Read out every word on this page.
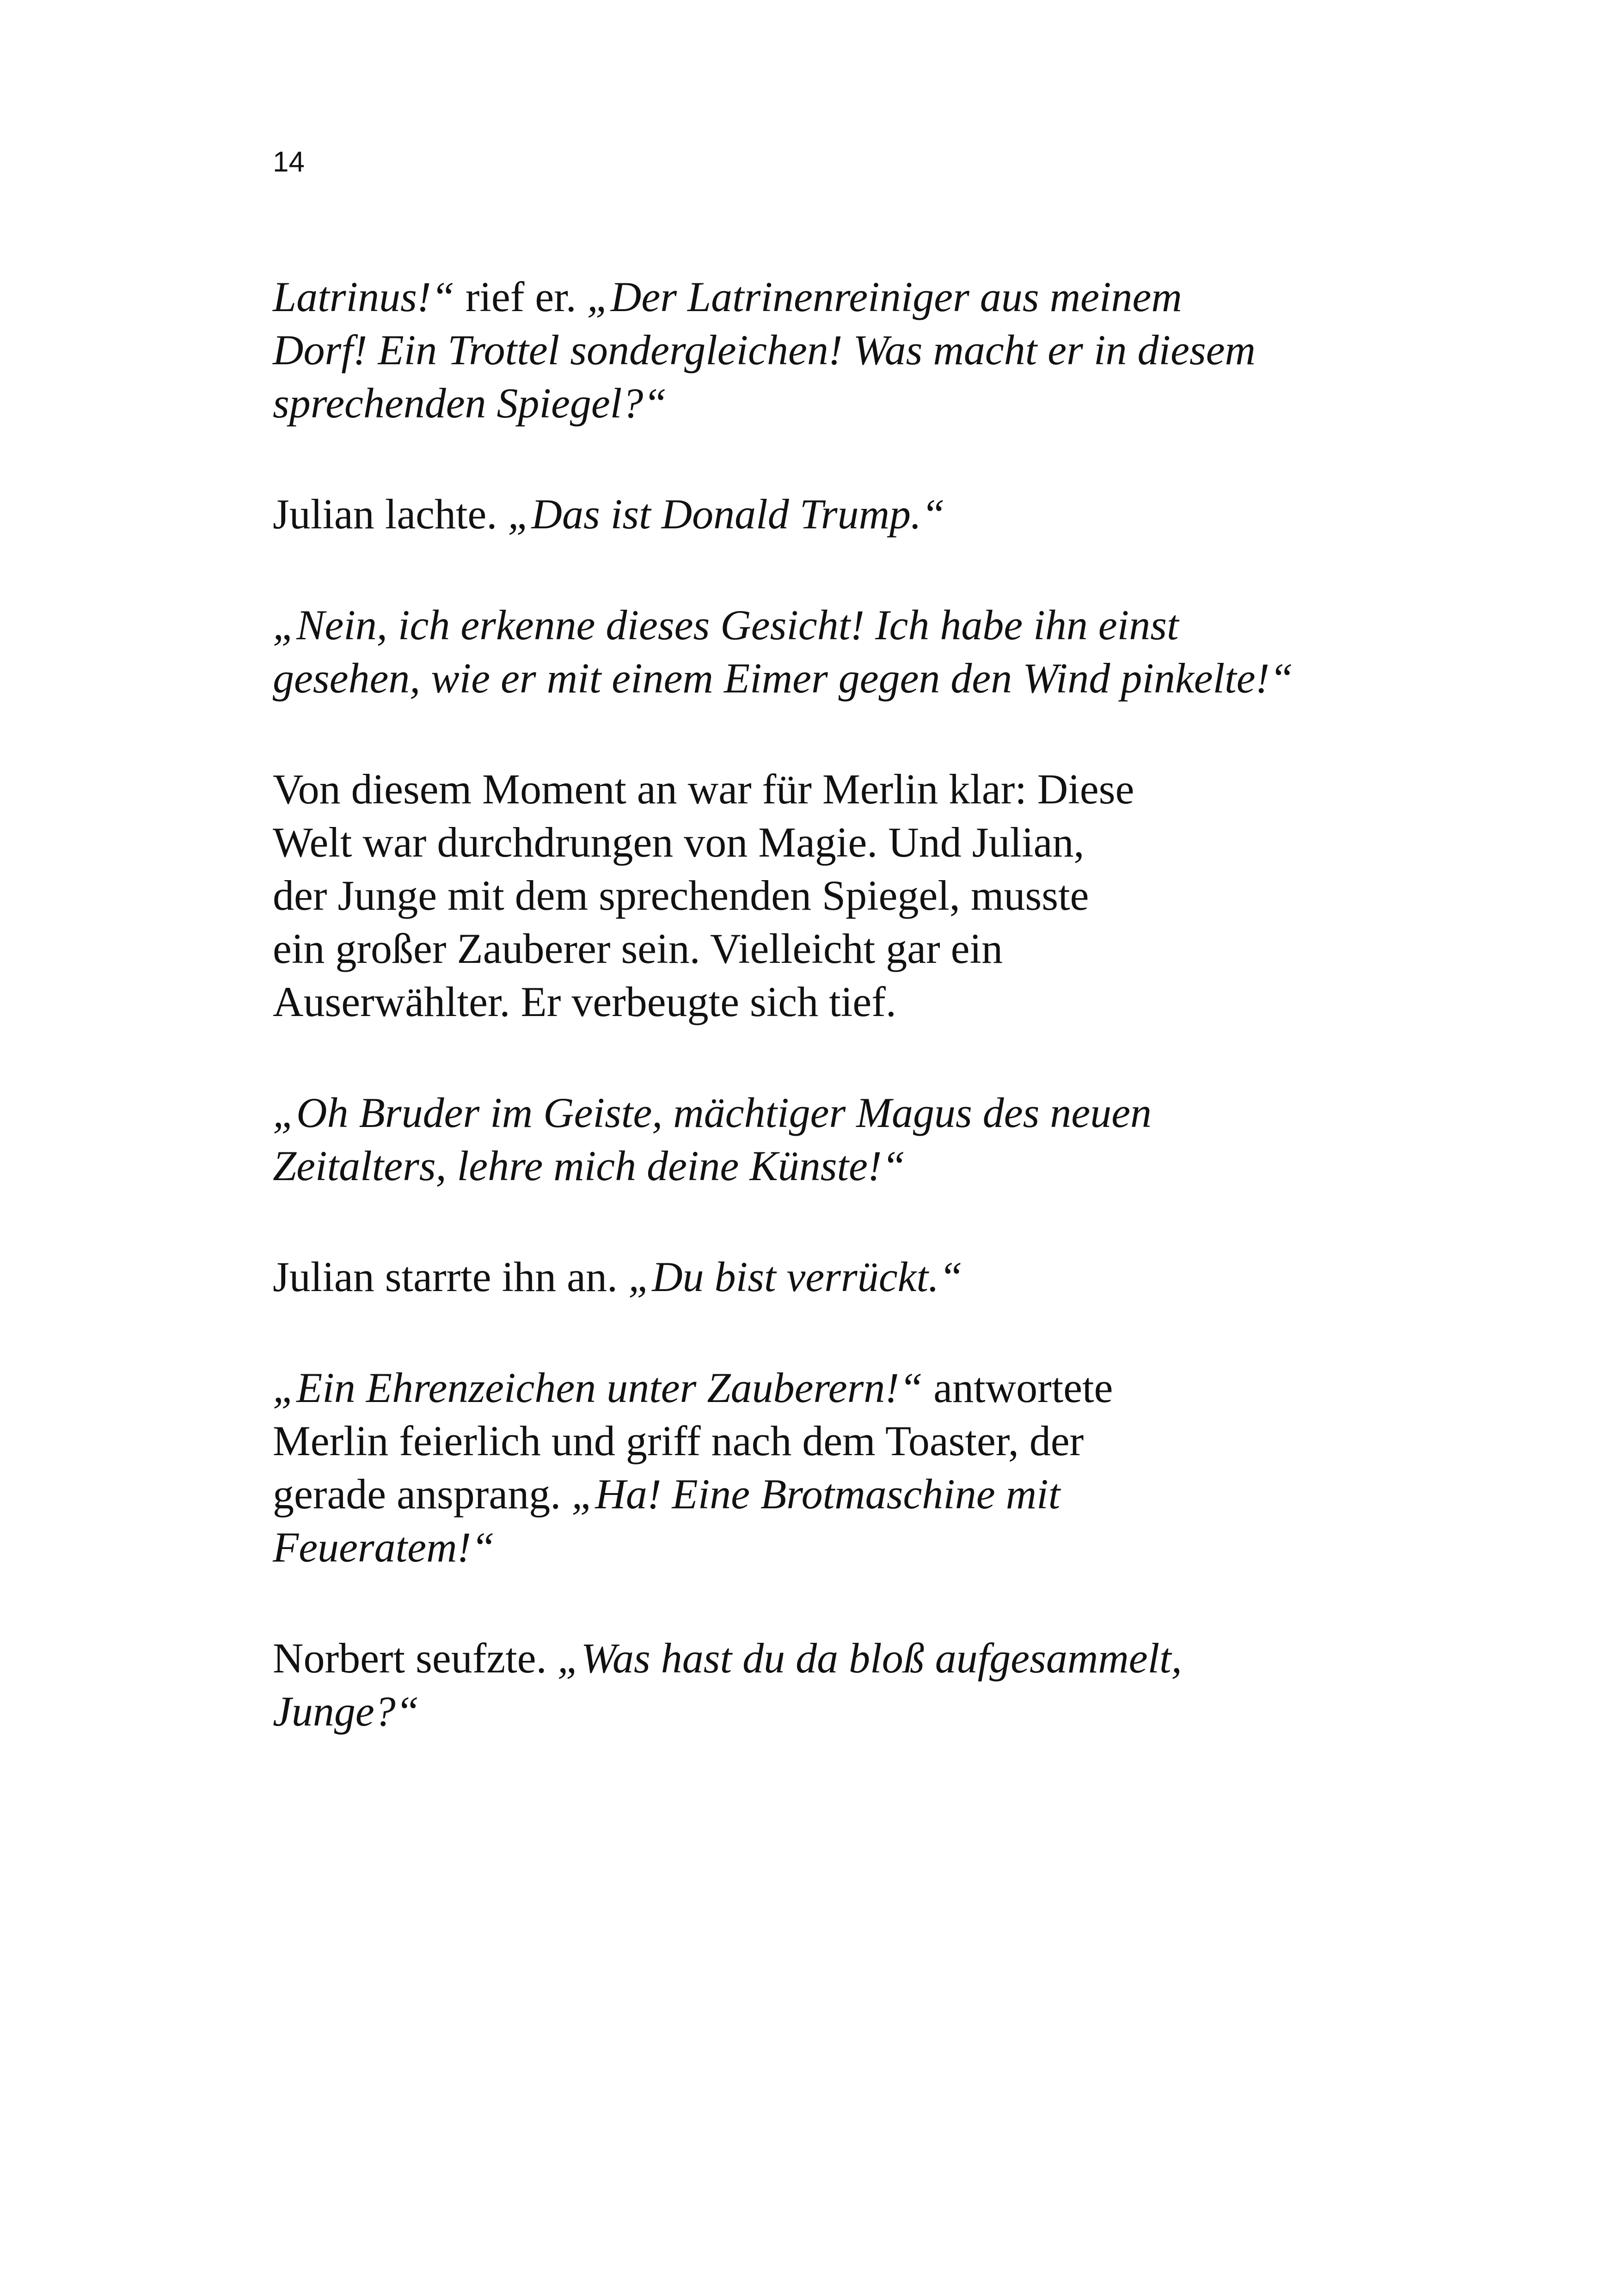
14

Latrinus!“ rief er. „Der Latrinenreiniger aus meinem
Dorf! Ein Trottel sondergleichen! Was macht er in diesem
sprechenden Spiegel?“

Julian lachte. „Das ist Donald Trump.“

„Nein, ich erkenne dieses Gesicht! Ich habe ihn einst
gesehen, wie er mit einem Eimer gegen den Wind pinkelte!“

Von diesem Moment an war für Merlin klar: Diese
Welt war durchdrungen von Magie. Und Julian,
der Junge mit dem sprechenden Spiegel, musste
ein großer Zauberer sein. Vielleicht gar ein
Auserwählter. Er verbeugte sich tief.

„Oh Bruder im Geiste, mächtiger Magus des neuen
Zeitalters, lehre mich deine Künste!“

Julian starrte ihn an. „Du bist verrückt.“

„Ein Ehrenzeichen unter Zauberern!“ antwortete
Merlin feierlich und griff nach dem Toaster, der
gerade ansprang. „Ha! Eine Brotmaschine mit
Feueratem!“

Norbert seufzte. „Was hast du da bloß aufgesammelt,
Junge?“
